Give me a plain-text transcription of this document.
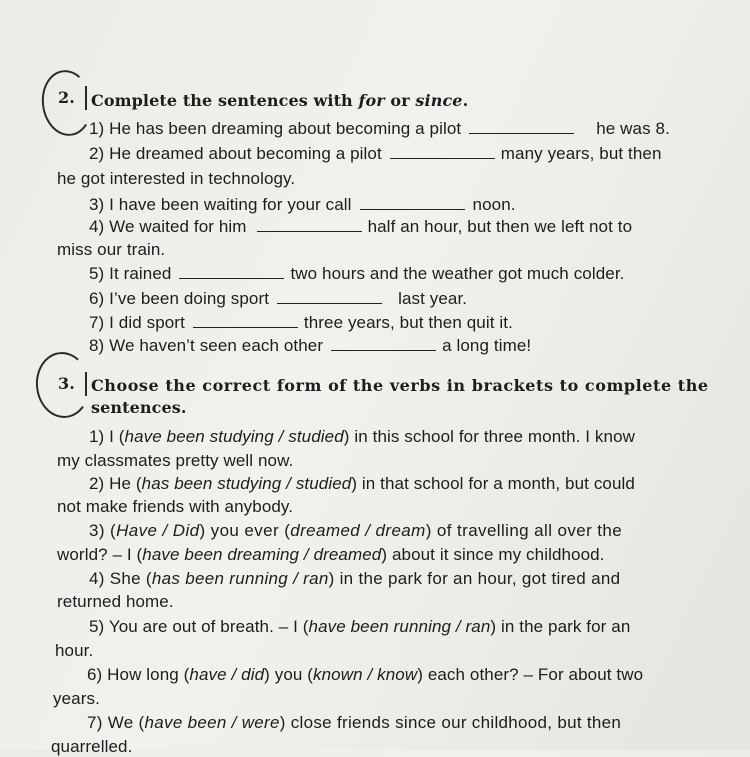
2. Complete the sentences with for or since.
1) He has been dreaming about becoming a pilot	he was 8.
2) He dreamed about becoming a pilot	many years, but then
he got interested in technology.
3) I have been waiting for your call	noon.
4) We waited for him	half an hour, but then we left not to
miss our train.
5) It rained	two hours and the weather got much colder.
6) I’ve been doing sport	last year.
7) I did sport	three years, but then quit it.
8) We haven’t seen each other	a long time!
3. Choose the correct form of the verbs in brackets to complete the
sentences.
1) I (have been studying / studied) in this school for three month. I know
my classmates pretty well now.
2) He (has been studying / studied) in that school for a month, but could
not make friends with anybody.
3) (Have / Did) you ever (dreamed / dream) of travelling all over the
world? – I (have been dreaming / dreamed) about it since my childhood.
4) She (has been running / ran) in the park for an hour, got tired and
returned home.
5) You are out of breath. – I (have been running / ran) in the park for an
hour.
6) How long (have / did) you (known / know) each other? – For about two
years.
7) We (have been / were) close friends since our childhood, but then
quarrelled.
